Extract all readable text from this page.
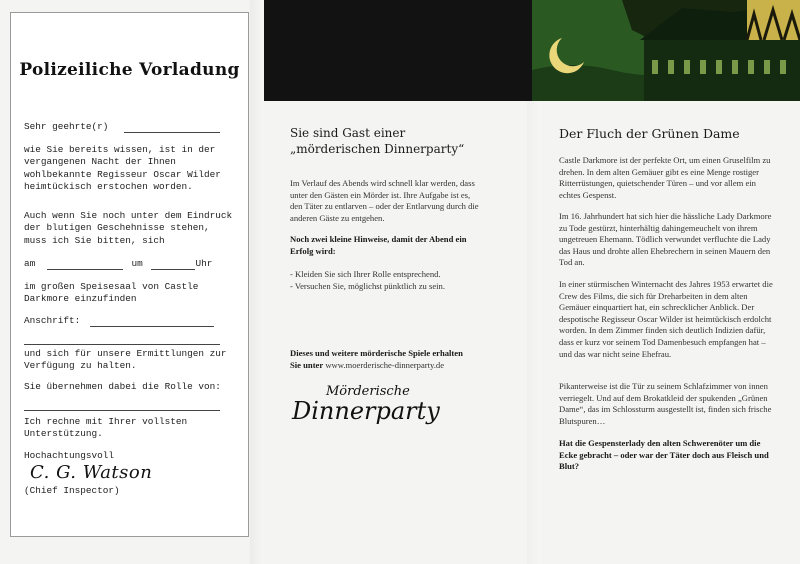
Polizeiliche Vorladung
Sehr geehrte(r)

wie Sie bereits wissen, ist in der vergangenen Nacht der Ihnen wohlbekannte Regisseur Oscar Wilder heimtückisch erstochen worden.

Auch wenn Sie noch unter dem Eindruck der blutigen Geschehnisse stehen, muss ich Sie bitten, sich

am	um	Uhr

im großen Speisesaal von Castle Darkmore einzufinden

Anschrift:

und sich für unsere Ermittlungen zur Verfügung zu halten.

Sie übernehmen dabei die Rolle von:

Ich rechne mit Ihrer vollsten Unterstützung.

Hochachtungsvoll

C. G. Watson

(Chief Inspector)

Sie sind Gast einer
„mörderischen Dinnerparty“

Im Verlauf des Abends wird schnell klar werden, dass unter den Gästen ein Mörder ist. Ihre Aufgabe ist es, den Täter zu entlarven – oder der Entlarvung durch die anderen Gäste zu entgehen.

Noch zwei kleine Hinweise, damit der Abend ein Erfolg wird:

- Kleiden Sie sich Ihrer Rolle entsprechend.

- Versuchen Sie, möglichst pünktlich zu sein.

Dieses und weitere mörderische Spiele erhalten

Sie unter www.moerderische-dinnerparty.de

Mörderische
Dinnerparty
Der Fluch der Grünen Dame

Castle Darkmore ist der perfekte Ort, um einen Gruselfilm zu drehen. In dem alten Gemäuer gibt es eine Menge rostiger Ritterrüstungen, quietschender Türen – und vor allem ein echtes Gespenst.

Im 16. Jahrhundert hat sich hier die hässliche Lady Darkmore zu Tode gestürzt, hinterhältig dahingemeuchelt von ihrem ungetreuen Ehemann. Tödlich verwundet verfluchte die Lady das Haus und drohte allen Ehebrechern in seinen Mauern den Tod an.

In einer stürmischen Winternacht des Jahres 1953 erwartet die Crew des Films, die sich für Dreharbeiten in dem alten Gemäuer einquartiert hat, ein schrecklicher Anblick. Der despotische Regisseur Oscar Wilder ist heimtückisch erdolcht worden. In dem Zimmer finden sich deutlich Indizien dafür, dass er kurz vor seinem Tod Damenbesuch empfangen hat – und das war nicht seine Ehefrau.

Pikanterweise ist die Tür zu seinem Schlafzimmer von innen verriegelt. Und auf dem Brokatkleid der spukenden „Grünen Dame“, das im Schlossturm ausgestellt ist, finden sich frische Blutspuren…

Hat die Gespensterlady den alten Schwerenöter um die Ecke gebracht – oder war der Täter doch aus Fleisch und Blut?
